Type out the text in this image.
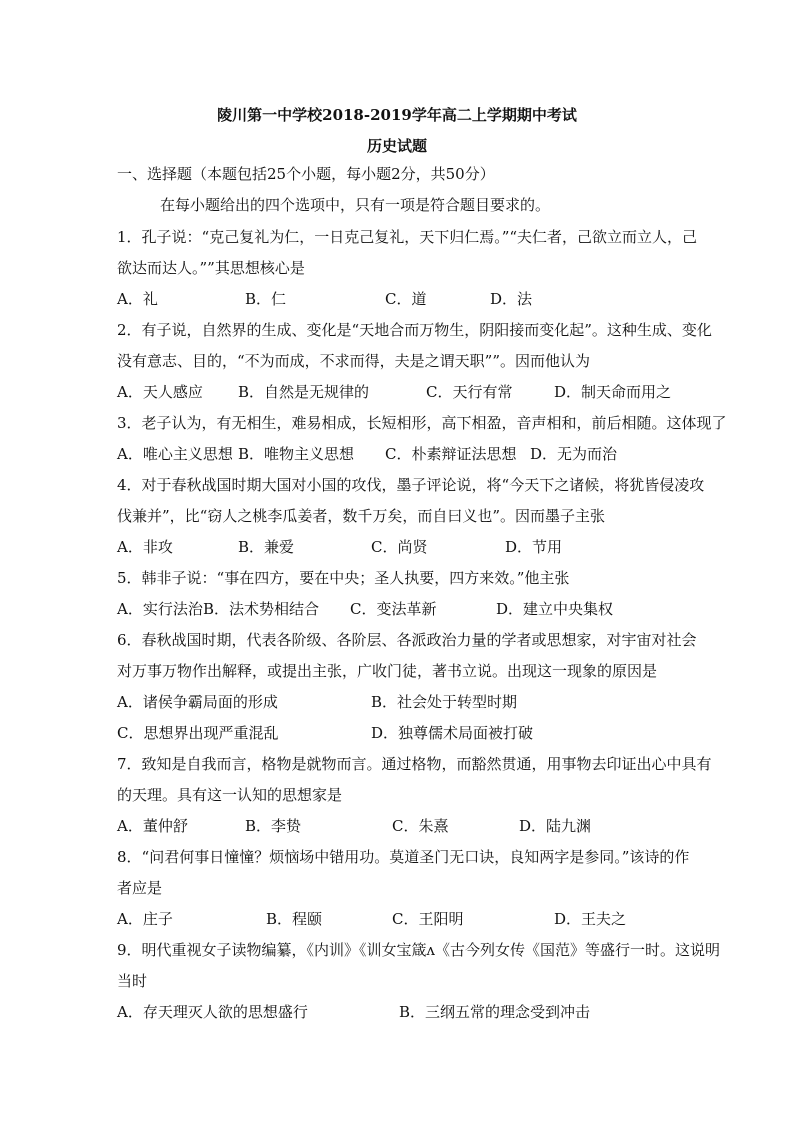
陵川第一中学校2018-2019学年高二上学期期中考试
历史试题
一、选择题（本题包括25个小题，每小题2分，共50分）
在每小题给出的四个选项中，只有一项是符合题目要求的。
1．孔子说：“克己复礼为仁，一日克己复礼，天下归仁焉。”“夫仁者，己欲立而立人，己
欲达而达人。””其思想核心是
A．礼	B．仁	C．道	D．法
2．有子说，自然界的生成、变化是“天地合而万物生，阴阳接而变化起”。这种生成、变化
没有意志、目的，“不为而成，不求而得，夫是之谓天职””。因而他认为
A．天人感应 B．自然是无规律的	C．天行有常	D．制天命而用之
3．老子认为，有无相生，难易相成，长短相形，高下相盈，音声相和，前后相随。这体现了
A．唯心主义思想 B．唯物主义思想 C．朴素辩证法思想 D．无为而治
4．对于春秋战国时期大国对小国的攻伐，墨子评论说，将“今天下之诸候，将犹皆侵凌攻
伐兼并”，比“窃人之桃李瓜姜者，数千万矣，而自曰义也”。因而墨子主张
A．非攻	B．兼爱	C．尚贤	D．节用
5．韩非子说：“事在四方，要在中央；圣人执要，四方来效。”他主张
A．实行法治 B．法术势相结合 C．变法革新	D．建立中央集权
6．春秋战国时期，代表各阶级、各阶层、各派政治力量的学者或思想家，对宇宙对社会
对万事万物作出解释，或提出主张，广收门徒，著书立说。出现这一现象的原因是
A．诸侯争霸局面的形成	B．社会处于转型时期
C．思想界出现严重混乱	D．独尊儒术局面被打破
7．致知是自我而言，格物是就物而言。通过格物，而豁然贯通，用事物去印证出心中具有
的天理。具有这一认知的思想家是
A．董仲舒	B．李贽	C．朱熹	D．陆九渊
8．“问君何事日憧憧？烦恼场中错用功。莫道圣门无口诀，良知两字是参同。”该诗的作
者应是
A．庄子	B．程颐	C．王阳明	D．王夫之
9．明代重视女子读物编纂，《内训》《训女宝箴ʌ《古今列女传《国范》等盛行一时。这说明
当时
A．存天理灭人欲的思想盛行	B．三纲五常的理念受到冲击
